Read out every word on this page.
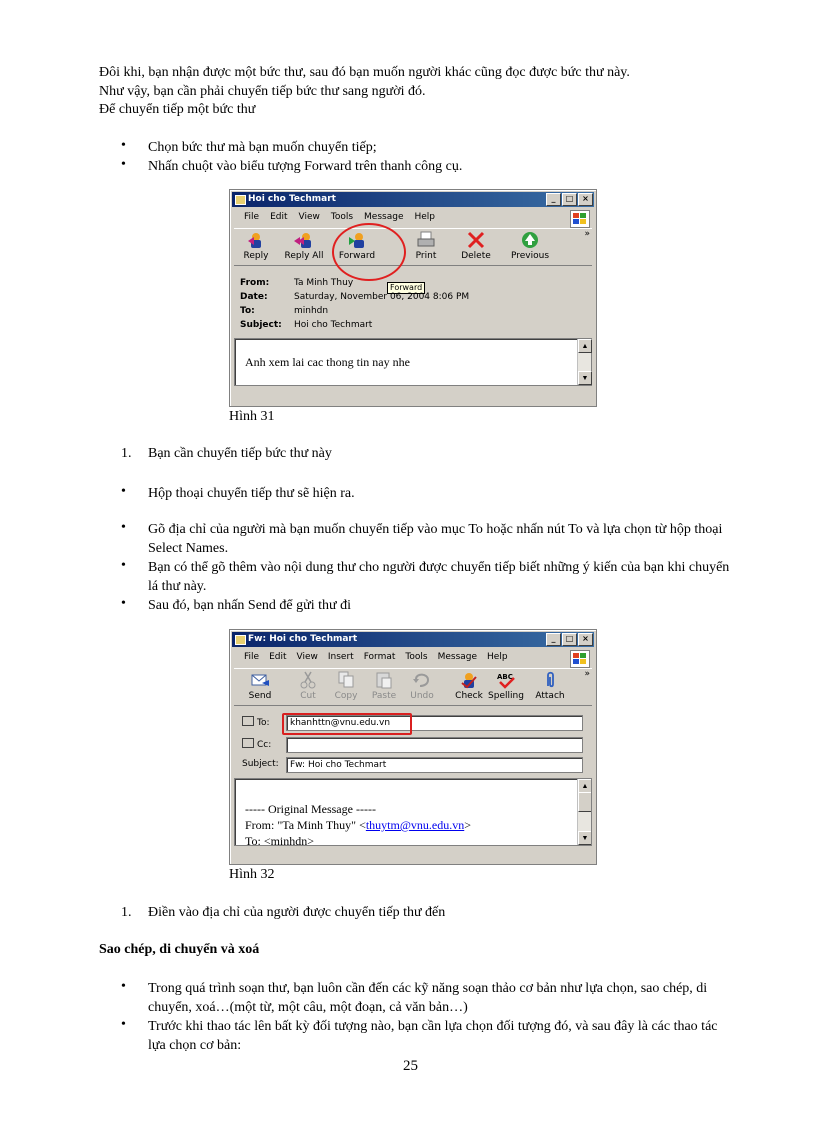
Đôi khi, bạn nhận được một bức thư, sau đó bạn muốn người khác cũng đọc được bức thư này.
Như vậy, bạn cần phải chuyển tiếp bức thư sang người đó.
Để chuyển tiếp một bức thư
• Chọn bức thư mà bạn muốn chuyển tiếp;
• Nhấn chuột vào biểu tượng Forward trên thanh công cụ.
Hoi cho Techmart	_	□	×
File Edit View Tools Message Help
Reply	Reply All Forward	Print	Delete	Previous
»
Forward
From:	Ta Minh Thuy
Date:	Saturday, November 06, 2004 8:06 PM
To:	minhdn
Subject: Hoi cho Techmart
Anh xem lai cac thong tin nay nhe
▲
▼
Hình 31
1. Bạn cần chuyển tiếp bức thư này
• Hộp thoại chuyển tiếp thư sẽ hiện ra.
• Gõ địa chỉ của người mà bạn muốn chuyển tiếp vào mục To hoặc nhấn nút To và lựa chọn từ hộp thoại Select Names.
• Bạn có thể gõ thêm vào nội dung thư cho người được chuyển tiếp biết những ý kiến của bạn khi chuyển lá thư này.
• Sau đó, bạn nhấn Send để gửi thư đi
Fw: Hoi cho Techmart	_	□	×
File Edit View Insert Format Tools Message Help
Send	Cut	Copy	Paste	Undo	Check
ABC
Spelling	Attach
»
To:	khanhttn@vnu.edu.vn
Cc:
Subject:	Fw: Hoi cho Techmart
----- Original Message -----
From: "Ta Minh Thuy" <thuytm@vnu.edu.vn>
To: <minhdn>
▲
▼
Hình 32
1. Điền vào địa chỉ của người được chuyển tiếp thư đến
Sao chép, di chuyển và xoá
• Trong quá trình soạn thư, bạn luôn cần đến các kỹ năng soạn thảo cơ bản như lựa chọn, sao chép, di chuyển, xoá…(một từ, một câu, một đoạn, cả văn bản…)
• Trước khi thao tác lên bất kỳ đối tượng nào, bạn cần lựa chọn đối tượng đó, và sau đây là các thao tác lựa chọn cơ bản:
25
